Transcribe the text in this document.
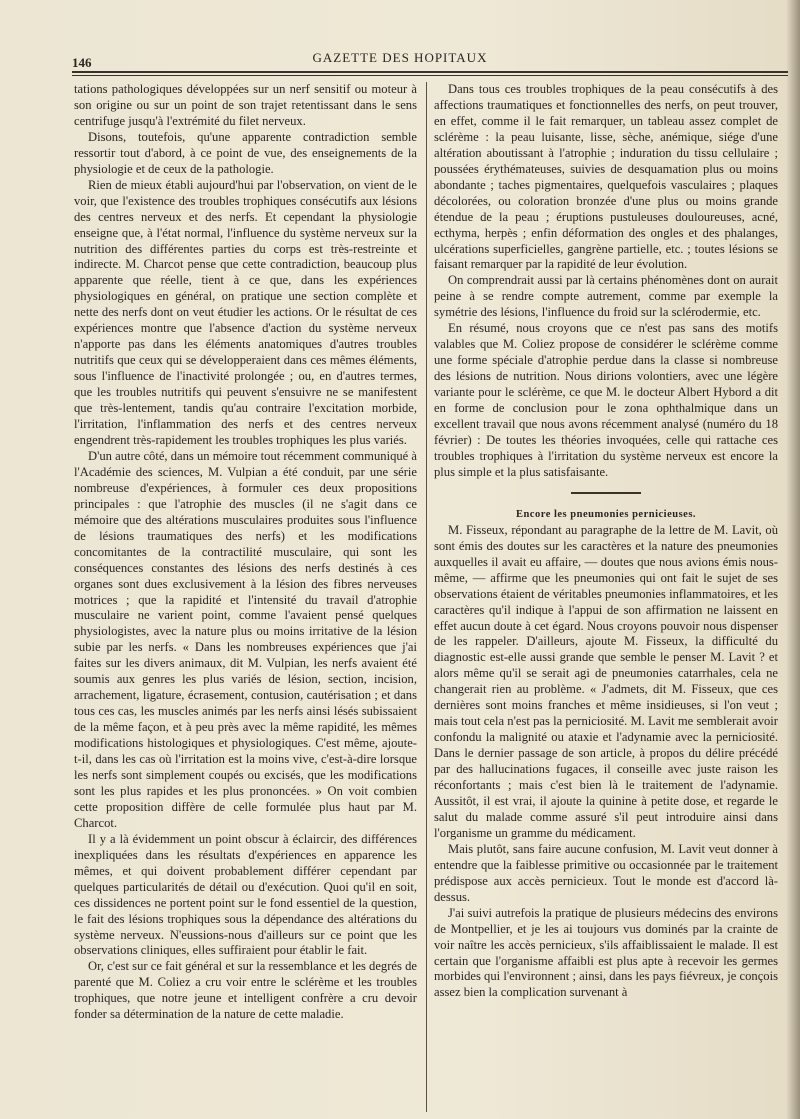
146	GAZETTE DES HOPITAUX

tations pathologiques développées sur un nerf sensitif ou moteur à son origine ou sur un point de son trajet retentissant dans le sens centrifuge jusqu'à l'extrémité du filet nerveux.

Disons, toutefois, qu'une apparente contradiction semble ressortir tout d'abord, à ce point de vue, des enseignements de la physiologie et de ceux de la pathologie.

Rien de mieux établi aujourd'hui par l'observation, on vient de le voir, que l'existence des troubles trophiques consécutifs aux lésions des centres nerveux et des nerfs. Et cependant la physiologie enseigne que, à l'état normal, l'influence du système nerveux sur la nutrition des différentes parties du corps est très-restreinte et indirecte. M. Charcot pense que cette contradiction, beaucoup plus apparente que réelle, tient à ce que, dans les expériences physiologiques en général, on pratique une section complète et nette des nerfs dont on veut étudier les actions. Or le résultat de ces expériences montre que l'absence d'action du système nerveux n'apporte pas dans les éléments anatomiques d'autres troubles nutritifs que ceux qui se développeraient dans ces mêmes éléments, sous l'influence de l'inactivité prolongée ; ou, en d'autres termes, que les troubles nutritifs qui peuvent s'ensuivre ne se manifestent que très-lentement, tandis qu'au contraire l'excitation morbide, l'irritation, l'inflammation des nerfs et des centres nerveux engendrent très-rapidement les troubles trophiques les plus variés.

D'un autre côté, dans un mémoire tout récemment communiqué à l'Académie des sciences, M. Vulpian a été conduit, par une série nombreuse d'expériences, à formuler ces deux propositions principales : que l'atrophie des muscles (il ne s'agit dans ce mémoire que des altérations musculaires produites sous l'influence de lésions traumatiques des nerfs) et les modifications concomitantes de la contractilité musculaire, qui sont les conséquences constantes des lésions des nerfs destinés à ces organes sont dues exclusivement à la lésion des fibres nerveuses motrices ; que la rapidité et l'intensité du travail d'atrophie musculaire ne varient point, comme l'avaient pensé quelques physiologistes, avec la nature plus ou moins irritative de la lésion subie par les nerfs. « Dans les nombreuses expériences que j'ai faites sur les divers animaux, dit M. Vulpian, les nerfs avaient été soumis aux genres les plus variés de lésion, section, incision, arrachement, ligature, écrasement, contusion, cautérisation ; et dans tous ces cas, les muscles animés par les nerfs ainsi lésés subissaient de la même façon, et à peu près avec la même rapidité, les mêmes modifications histologiques et physiologiques. C'est même, ajoute-t-il, dans les cas où l'irritation est la moins vive, c'est-à-dire lorsque les nerfs sont simplement coupés ou excisés, que les modifications sont les plus rapides et les plus prononcées. » On voit combien cette proposition diffère de celle formulée plus haut par M. Charcot.

Il y a là évidemment un point obscur à éclaircir, des différences inexpliquées dans les résultats d'expériences en apparence les mêmes, et qui doivent probablement différer cependant par quelques particularités de détail ou d'exécution. Quoi qu'il en soit, ces dissidences ne portent point sur le fond essentiel de la question, le fait des lésions trophiques sous la dépendance des altérations du système nerveux. N'eussions-nous d'ailleurs sur ce point que les observations cliniques, elles suffiraient pour établir le fait.

Or, c'est sur ce fait général et sur la ressemblance et les degrés de parenté que M. Coliez a cru voir entre le sclérème et les troubles trophiques, que notre jeune et intelligent confrère a cru devoir fonder sa détermination de la nature de cette maladie.

Dans tous ces troubles trophiques de la peau consécutifs à des affections traumatiques et fonctionnelles des nerfs, on peut trouver, en effet, comme il le fait remarquer, un tableau assez complet de sclérème : la peau luisante, lisse, sèche, anémique, siége d'une altération aboutissant à l'atrophie ; induration du tissu cellulaire ; poussées érythémateuses, suivies de desquamation plus ou moins abondante ; taches pigmentaires, quelquefois vasculaires ; plaques décolorées, ou coloration bronzée d'une plus ou moins grande étendue de la peau ; éruptions pustuleuses douloureuses, acné, ecthyma, herpès ; enfin déformation des ongles et des phalanges, ulcérations superficielles, gangrène partielle, etc. ; toutes lésions se faisant remarquer par la rapidité de leur évolution.

On comprendrait aussi par là certains phénomènes dont on aurait peine à se rendre compte autrement, comme par exemple la symétrie des lésions, l'influence du froid sur la sclérodermie, etc.

En résumé, nous croyons que ce n'est pas sans des motifs valables que M. Coliez propose de considérer le sclérème comme une forme spéciale d'atrophie perdue dans la classe si nombreuse des lésions de nutrition. Nous dirions volontiers, avec une légère variante pour le sclérème, ce que M. le docteur Albert Hybord a dit en forme de conclusion pour le zona ophthalmique dans un excellent travail que nous avons récemment analysé (numéro du 18 février) : De toutes les théories invoquées, celle qui rattache ces troubles trophiques à l'irritation du système nerveux est encore la plus simple et la plus satisfaisante.

Encore les pneumonies pernicieuses.

M. Fisseux, répondant au paragraphe de la lettre de M. Lavit, où sont émis des doutes sur les caractères et la nature des pneumonies auxquelles il avait eu affaire, — doutes que nous avions émis nous-même, — affirme que les pneumonies qui ont fait le sujet de ses observations étaient de véritables pneumonies inflammatoires, et les caractères qu'il indique à l'appui de son affirmation ne laissent en effet aucun doute à cet égard. Nous croyons pouvoir nous dispenser de les rappeler. D'ailleurs, ajoute M. Fisseux, la difficulté du diagnostic est-elle aussi grande que semble le penser M. Lavit ? et alors même qu'il se serait agi de pneumonies catarrhales, cela ne changerait rien au problème. « J'admets, dit M. Fisseux, que ces dernières sont moins franches et même insidieuses, si l'on veut ; mais tout cela n'est pas la perniciosité. M. Lavit me semblerait avoir confondu la malignité ou ataxie et l'adynamie avec la perniciosité. Dans le dernier passage de son article, à propos du délire précédé par des hallucinations fugaces, il conseille avec juste raison les réconfortants ; mais c'est bien là le traitement de l'adynamie. Aussitôt, il est vrai, il ajoute la quinine à petite dose, et regarde le salut du malade comme assuré s'il peut introduire ainsi dans l'organisme un gramme du médicament.

Mais plutôt, sans faire aucune confusion, M. Lavit veut donner à entendre que la faiblesse primitive ou occasionnée par le traitement prédispose aux accès pernicieux. Tout le monde est d'accord là-dessus.

J'ai suivi autrefois la pratique de plusieurs médecins des environs de Montpellier, et je les ai toujours vus dominés par la crainte de voir naître les accès pernicieux, s'ils affaiblissaient le malade. Il est certain que l'organisme affaibli est plus apte à recevoir les germes morbides qui l'environnent ; ainsi, dans les pays fiévreux, je conçois assez bien la complication survenant à
